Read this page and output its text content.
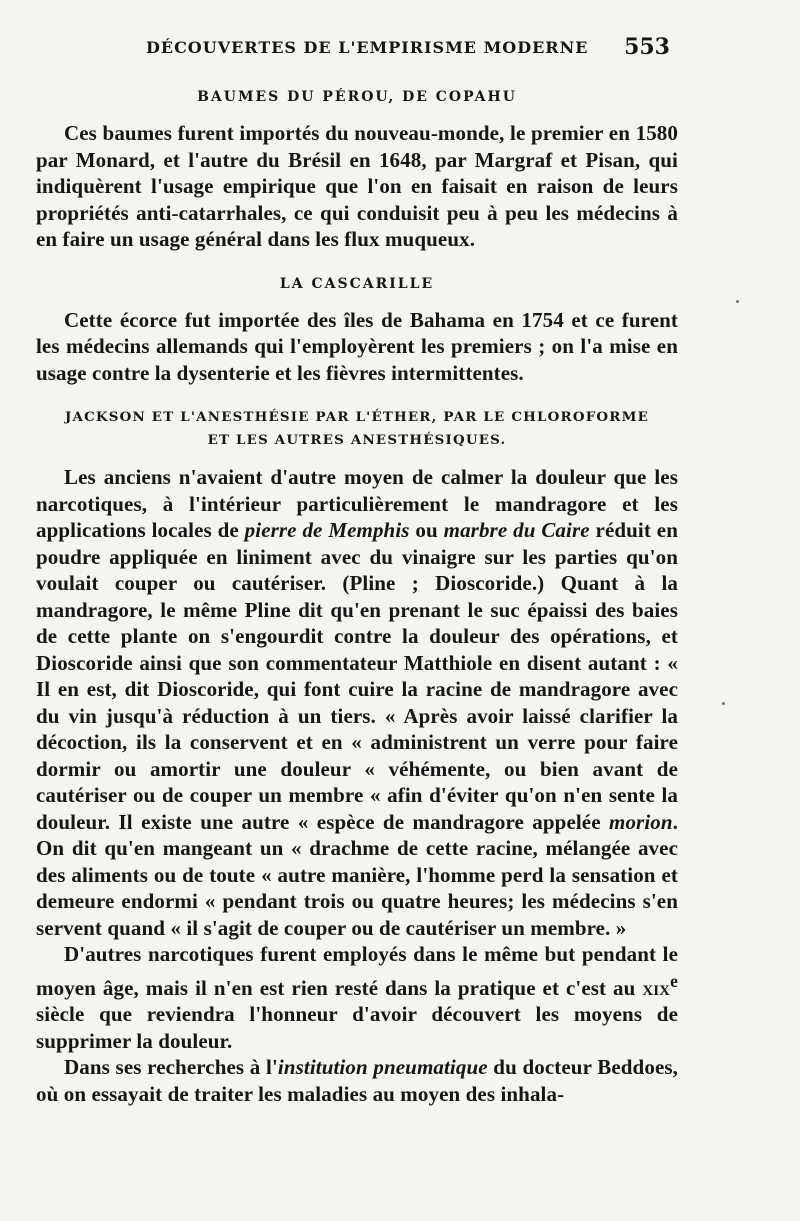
DÉCOUVERTES DE L'EMPIRISME MODERNE 553
BAUMES DU PÉROU, DE COPAHU

Ces baumes furent importés du nouveau-monde, le premier en 1580 par Monard, et l'autre du Brésil en 1648, par Margraf et Pisan, qui indiquèrent l'usage empirique que l'on en faisait en raison de leurs propriétés anti-catarrhales, ce qui conduisit peu à peu les médecins à en faire un usage général dans les flux muqueux.

LA CASCARILLE

Cette écorce fut importée des îles de Bahama en 1754 et ce furent les médecins allemands qui l'employèrent les premiers ; on l'a mise en usage contre la dysenterie et les fièvres intermittentes.

JACKSON ET L'ANESTHÉSIE PAR L'ÉTHER, PAR LE CHLOROFORME
ET LES AUTRES ANESTHÉSIQUES.

Les anciens n'avaient d'autre moyen de calmer la douleur que les narcotiques, à l'intérieur particulièrement le mandragore et les applications locales de pierre de Memphis ou marbre du Caire réduit en poudre appliquée en liniment avec du vinaigre sur les parties qu'on voulait couper ou cautériser. (Pline ; Dioscoride.) Quant à la mandragore, le même Pline dit qu'en prenant le suc épaissi des baies de cette plante on s'engourdit contre la douleur des opérations, et Dioscoride ainsi que son commentateur Matthiole en disent autant : « Il en est, dit Dioscoride, qui font cuire la racine de mandragore avec du vin jusqu'à réduction à un tiers. « Après avoir laissé clarifier la décoction, ils la conservent et en « administrent un verre pour faire dormir ou amortir une douleur « véhémente, ou bien avant de cautériser ou de couper un membre « afin d'éviter qu'on n'en sente la douleur. Il existe une autre « espèce de mandragore appelée morion. On dit qu'en mangeant un « drachme de cette racine, mélangée avec des aliments ou de toute « autre manière, l'homme perd la sensation et demeure endormi « pendant trois ou quatre heures; les médecins s'en servent quand « il s'agit de couper ou de cautériser un membre. »

D'autres narcotiques furent employés dans le même but pendant le moyen âge, mais il n'en est rien resté dans la pratique et c'est au xix$^e$ siècle que reviendra l'honneur d'avoir découvert les moyens de supprimer la douleur.

Dans ses recherches à l'institution pneumatique du docteur Beddoes, où on essayait de traiter les maladies au moyen des inhala-
